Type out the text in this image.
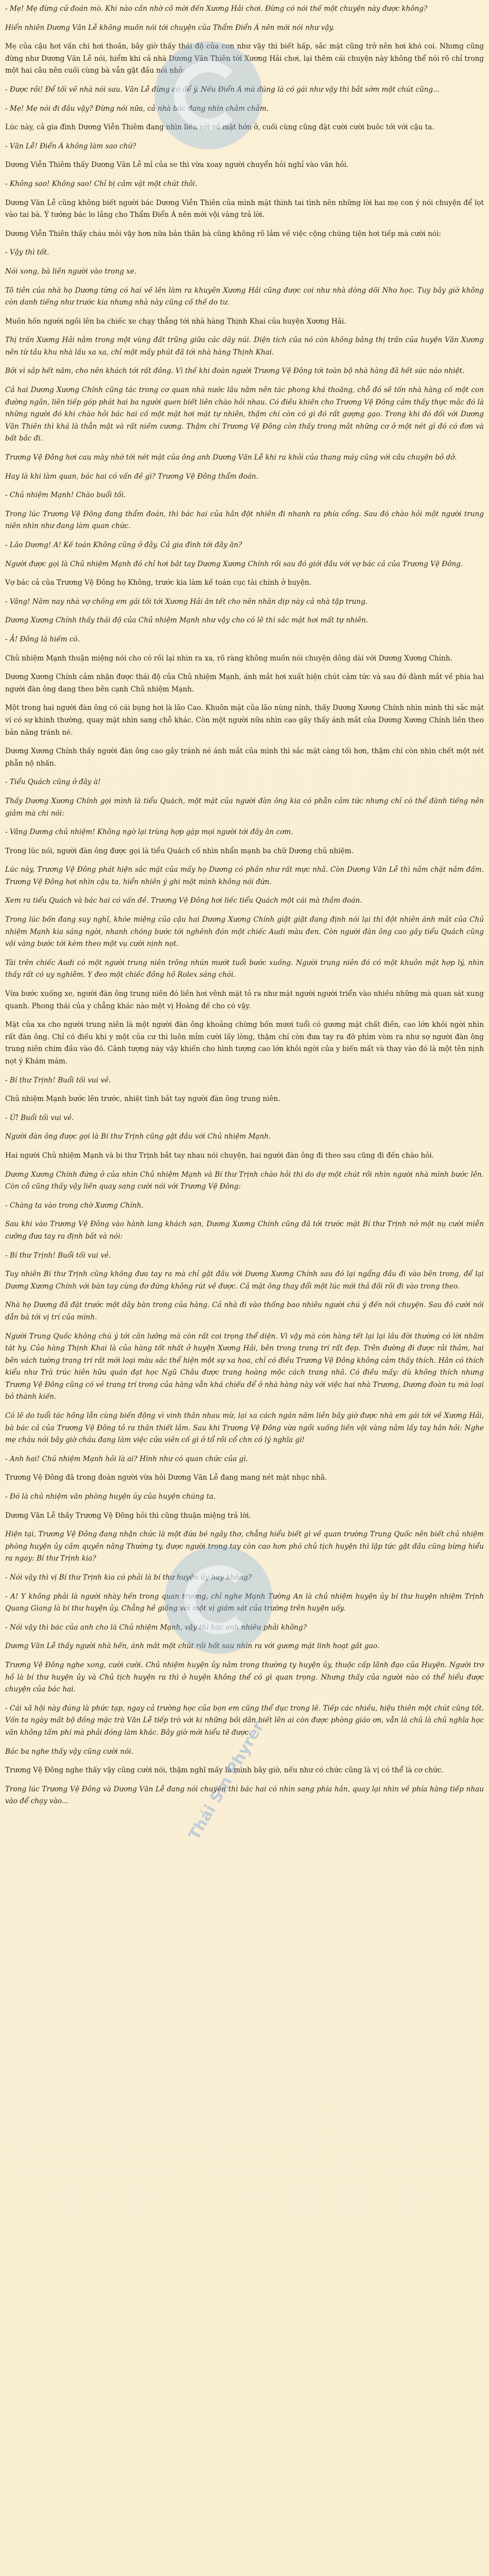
Thái Sin Phyrer

- Mẹ! Mẹ đừng cử đoán mò. Khi nào cần nhờ cô mời đến Xương Hải chơi. Đừng có nói thế một chuyện này được không?

Hiển nhiên Dương Văn Lễ không muốn nói tới chuyện của Thẩm Điển Á nên mới nói như vậy.

Mẹ của cậu hơi vấn chi hơi thoắn, bây giờ thấy thái độ của con như vậy thì biết hấp, sắc mặt cũng trở nên hơi khó coi. Nhưng cũng đừng như Dương Văn Lễ nói, hiểm khi cả nhà Dương Văn Thiên tới Xương Hải chơi, lại thêm cái chuyện này không thể nói rõ chỉ trong một hai câu nên cuối cùng bà vẫn gật đầu nói nhỏ:

- Được rồi! Để tối về nhà nói sau. Văn Lễ đừng có để ý. Nếu Điển Á mà đúng là có gái như vậy thì bắt sớm một chút cũng...

- Mẹ! Mẹ nói đi đâu vậy? Đừng nói nữa, cả nhà bác đang nhìn chằm chằm.

Lúc này, cả gia đình Dương Viễn Thiêm đang nhìn liền với vẻ mặt hớn ở, cuối cùng cũng đặt cười cười buôc tới với cậu ta.

- Văn Lễ! Điển Á không làm sao chứ?

Dương Viễn Thiêm thấy Dương Văn Lễ mỉ của se thì vừa xoay người chuyển hỏi nghỉ vào vãn hỏi.

- Không sao! Không sao! Chỉ bị cảm vặt một chút thôi.

Dương Văn Lễ cũng không biết người bác Dương Viễn Thiên của mình mặt thình tai tình nên những lời hai mẹ con ý nói chuyện để lọt vào tai bà. Ý tướng bác lo lắng cho Thẩm Điển Á nên mới vội vàng trả lời.

Dương Viễn Thiên thấy cháu mỏi vậy hơn nữa bản thân bà cũng không rõ lắm về việc cộng chúng tiện hơi tiếp mà cười nói:

- Vậy thì tốt.

Nói xong, bà liền người vào trong xe.

Tô tiên của nhà họ Dương từng có hai về lên làm ra khuyên Xương Hải cũng được coi như nhà dòng dõi Nho học. Tuy bây giờ không còn danh tiếng như trước kia nhưng nhà này cũng cố thế do tư.

Muôn hồn người ngồi lên ba chiếc xe chạy thẳng tới nhà hàng Thịnh Khai của huyện Xương Hải.

Thị trấn Xương Hải nằm trong một vùng đất trũng giữa các dãy núi. Diện tích của nó còn không bằng thị trấn của huyện Văn Xương nên từ tầu khu nhà lầu xa xa, chỉ một mấy phút đã tới nhà hàng Thịnh Khai.

Bởi vì sắp hết năm, cho nên khách tới rất đông. Vì thế khi đoàn người Trương Vệ Đông tới toàn bộ nhà hàng đã hết sức náo nhiệt.

Cả hai Dương Xương Chính cũng tác trong cơ quan nhà nước lâu năm nên tác phong khá thoăng, chỗ đó sẽ tốn nhà hàng cố một con đường ngắn, liên tiếp góp phát hai ba người quen biết liên chào hỏi nhau. Có điều khiến cho Trương Vệ Đông cảm thấy thực mắc đó là những người đó khi chào hỏi bác hai cố một mặt hơi mặt tự nhiên, thậm chí còn có gì đó rất gượng gạo. Trong khi đó đối với Dương Văn Thiên thì khá là thẳn mật và rất niềm cương. Thậm chí Trương Vệ Đông còn thấy trong mắt những cơ ở một nét gì đó có đơn và bất bắc đi.

Trương Vệ Đông hơi cau mày nhớ tới nét mặt của ông anh Dương Văn Lễ khi ra khỏi của thang máy cũng với câu chuyện bỏ dở.

Hay là khi làm quan, bác hai có vấn đề gì? Trương Vệ Đông thẩm đoán.

- Chủ nhiệm Mạnh! Chào buổi tối.

Trong lúc Trương Vệ Đông đang thẩm đoán, thì bác hai của hắn đột nhiên đi nhanh ra phía cổng. Sau đó chào hỏi một người trung niên nhìn như đang làm quan chức.

- Lão Dương! A! Kế toán Không cũng ở đây. Cả gia đình tới đây ăn?

Người được gọi là Chủ nhiệm Mạnh đó chỉ hơi bắt tay Dương Xương Chính rồi sau đó giới đầu với vợ bác cả của Trương Vệ Đông.

Vợ bác cả của Trương Vệ Đông họ Không, trước kia làm kế toán cục tài chính ở huyện.

- Vâng! Năm nay nhà vợ chồng em gái tôi tới Xương Hải ăn tết cho nên nhân dịp này cả nhà tập trung.

Dương Xương Chính thấy thái độ của Chủ nhiệm Mạnh như vậy cho có lẽ thì sắc mặt hơi mất tự nhiên.

- Ả! Đông là hiếm có.

Chủ nhiệm Mạnh thuận miệng nói cho có rồi lại nhìn ra xa, rõ ràng không muốn nói chuyện dông dài với Dương Xương Chính.

Dương Xương Chính cảm nhận được thái độ của Chủ nhiệm Mạnh, ánh mắt hơi xuất hiện chút cảm tức và sau đó đành mắt về phía hai người đàn ông đang theo bên cạnh Chủ nhiệm Mạnh.

Một trong hai người đàn ông có cái bụng hơi là lão Cao. Khuôn mặt của lão nùng nính, thấy Dương Xương Chính nhìn mình thì sắc mặt ví có sự khinh thường, quay mặt nhìn sang chỗ khác. Còn một người nữa nhìn cao gầy thấy ánh mắt của Dương Xương Chính liền theo bản năng tránh né.

Dương Xương Chính thấy người đàn ông cao gầy tránh né ánh mắt của mình thì sắc mặt càng tối hơn, thậm chí còn nhìn chết một nét phẫn nộ nhấn.

- Tiểu Quách cũng ở đây à!

Thấy Dương Xương Chính gọi mình là tiểu Quách, một mặt của người đàn ông kia có phẫn cảm tức nhưng chỉ có thể đành tiếng nên giảm mà chi nói:

- Vâng Dương chủ nhiệm! Không ngờ lại trùng hợp gặp mọi người tới đây ăn cơm.

Trong lúc nói, người đàn ông được gọi là tiểu Quách cố nhìn nhẩn mạnh ba chữ Dương chủ nhiệm.

Lúc này, Trương Vệ Đông phát hiện sắc mặt của mấy họ Dương có phần như rất mực nhã. Còn Dương Văn Lễ thì nắm chặt nắm đấm. Trương Vệ Đông hơi nhìn cậu ta, hiển nhiên ý ghi một mình không nói đứn.

Xem ra tiểu Quách và bác hai có vấn đề. Trương Vệ Đông hơi liếc tiểu Quách một cái mà thầm đoán.

Trong lúc bốn đang suy nghĩ, khóe miệng của cậu hai Dương Xương Chính giật giật đang định nói lại thì đột nhiên ánh mắt của Chủ nhiệm Mạnh kia sáng ngời, nhanh chóng bước tới nghênh đón một chiếc Audi màu đen. Còn người đàn ông cao gầy tiểu Quách cũng vội vàng bước tới kèm theo một vụ cười nịnh nọt.

Tài trên chiếc Audi có một người trung niên trông nhún mướt tuổi bước xuống. Người trung niên đó có một khuôn mặt hợp lý, nhìn thấy rất có uy nghiêm. Y đeo một chiếc đồng hồ Rolex sáng chói.

Vừa bước xuống xe, người đàn ông trung niên đó liền hơi vênh mặt tỏ ra như mặt người người triển vào nhiều những mà quan sát xung quanh. Phong thái của y chẳng khác nào mệt vị Hoàng đế cho có vậy.

Mặt của xa cho người trung niên là một người đàn ông khoảng chừng bốn mươi tuổi có gương mặt chất điền, cao lớn khỏi ngời nhìn rất đàn ông. Chỉ có điều khi y một của cư thì luôn mỉm cười lấy lòng, thậm chí còn đưa tay ra đỡ phìm vòm ra như sợ người đàn ông trung niên chim đầu vào đó. Cảnh tượng này vậy khiến cho hình tượng cao lớn khỏi ngời của y biến mất và thay vào đó là một tên nịnh nọt ý Khám mám.

- Bí thư Trịnh! Buổi tối vui vẻ.

Chủ nhiệm Mạnh bước lên trước, nhiệt tình bắt tay người đàn ông trung niên.

- Ừ! Buổi tối vui vẻ.

Người đàn ông được gọi là Bí thư Trịnh cũng gật đầu với Chủ nhiệm Mạnh.

Hai người Chủ nhiệm Mạnh và bí thư Trịnh bắt tay nhau nói chuyện, hai người đàn ông đi theo sau cũng đi đến chào hỏi.

Dương Xương Chính đứng ở của nhìn Chủ nhiệm Mạnh và Bí thư Trịnh chào hỏi thì do dự một chút rồi nhìn người nhà mình bước lên. Còn cô cũng thấy vậy liền quay sang cười nói với Trương Vệ Đông:

- Chàng ta vào trong chờ Xương Chính.

Sau khi vào Trương Vệ Đông vào hành lang khách sạn, Dương Xương Chính cũng đã tới trước mặt Bí thư Trịnh nở một nụ cười miễn cưỡng đưa tay ra định bắt và nói:

- Bí thư Trịnh! Buổi tối vui vẻ.

Tuy nhiên Bí thư Trịnh cũng không đưa tay ra mà chỉ gật đầu với Dương Xương Chính sau đó lại ngẩng đầu đi vào bên trong, để lại Dương Xương Chính với bàn tay cùng đơ đứng không rút về được. Cả mặt ông thay đổi một lúc mới thả đồi rồi đi vào trong theo.

Nhà họ Dương đã đặt trước một dãy bàn trong của hàng. Cả nhà đi vào thống bao nhiêu người chú ý đến nói chuyện. Sau đó cười nói dẫn bà tới vị trí của mình.

Người Trung Quốc không chú ý tới cân lưỡng mà còn rất coi trọng thể diện. Vì vậy mà còn hàng tết lại lại lâu đời thường có lời nhãm tát hy. Của hàng Thịnh Khai là của hàng tốt nhất ở huyện Xương Hải, bên trong trang trí rất đẹp. Trên đường đi được rải thảm, hai bên vách tường trang trí rất mới loại màu sắc thể hiện một sự xa hoa, chỉ có điều Trương Vệ Đông không cảm thấy thích. Hắn có thích kiểu như Trà trúc hiên hữu quán đạt học Ngũ Châu được trang hoàng mộc cách trang nhã. Có điều mấy: dù không thích nhưng Trương Vệ Đông cũng có vẻ trang trí trong của hàng vẫn khá chiếu để ở nhà hàng này với việc hai nhà Trương, Dương đoàn tụ mà loại bỏ thành kiến.

Có lẽ do tuổi tác hồng lẫn cùng biến động vì vinh thân nhau mừ, lại xa cách ngán năm liền bây giờ được nhà em gái tới về Xương Hải, bà bác cả của Trương Vệ Đông tỏ ra thân thiết lắm. Sau khi Trương Vệ Đông vừa ngồi xuống liền vội vàng nắm lấy tay hắn hỏi: Nghe mẹ cháu nói bây giờ cháu đang làm việc cửa viên cố gì ở tổ rồi cổ chn có lý nghĩa gì!

- Anh hai! Chủ nhiệm Mạnh hỏi là ai? Hình như có quan chức của gì.

Trương Vệ Đông đã trong đoàn người vừa hỏi Dương Văn Lễ đang mang nét mặt nhục nhã.

- Đó là chủ nhiệm văn phòng huyện ủy của huyện chúng ta.

Dương Văn Lễ thấy Trương Vệ Đông hỏi thì cũng thuận miệng trả lời.

Hiện tại, Trương Vệ Đông đang nhận chức là một đứa bé ngây thơ, chẳng hiểu biết gì về quan trường Trung Quốc nên biết chủ nhiệm phòng huyện ủy cầm quyền nằng Thường ty, được người trong tay còn cao hơn phó chủ tịch huyện thì lập tức gật đầu cũng bừng hiểu ra ngay: Bí thư Trịnh kia?

- Nói vậy thì vị Bí thư Trịnh kia có phải là bí thư huyện ủy hay không?

- A! Y không phải là người nhày hến trong quan trường, chỉ nghe Mạnh Tường An là chủ nhiệm huyện ủy bí thư huyện nhiệm Trịnh Quang Giang là bí thư huyện ủy. Chẳng hề giống với một vị giám sát của trường trên huyện uốy.

- Nói vậy thì bác của anh cho là Chủ nhiệm Mạnh, vậy thì bác anh nhiều phải không?

Dương Văn Lễ thấy người nhà hến, ánh mắt một chút rồi hốt sau nhìn ra với gương mặt linh hoạt gắt gao.

Trương Vệ Đông nghe xong, cười cười. Chủ nhiệm huyện ủy nằm trong thường ty huyện ủy, thuộc cấp lãnh đạo của Huyện. Người trơ hồ là bí thư huyện ủy và Chủ tịch huyện ra thì ở huyện không thể có gì quan trọng. Nhưng thấy của người nào có thể hiểu được chuyện của bác hai.

- Cái xã hội này đúng là phức tạp, ngay cả trường học của bọn em cũng thể dục trong lẽ. Tiếp các nhiều, hiệu thiên một chút cũng tốt. Vốn ta ngày mất bộ đồng mặc trà Văn Lễ tiếp trò với ki những bồi dân biết lên ai còn được phòng giáo ơn, vẫn là chủ là chủ nghĩa học văn không tấm phí mà phải đóng làm khác. Bây giờ mới hiểu tẽ được.

Bác ba nghe thấy vậy cũng cười nói.

Trương Vệ Đông nghe thấy vậy cũng cười nói, thậm nghĩ mấy là mình bây giờ, nếu như có chức cũng là vị có thể là cơ chức.

Trong lúc Trương Vệ Đông và Dương Văn Lễ đang nói chuyện thì bác hai có nhìn sang phía hắn, quay lại nhìn về phía hàng tiếp nhau vào để chạy vào...
